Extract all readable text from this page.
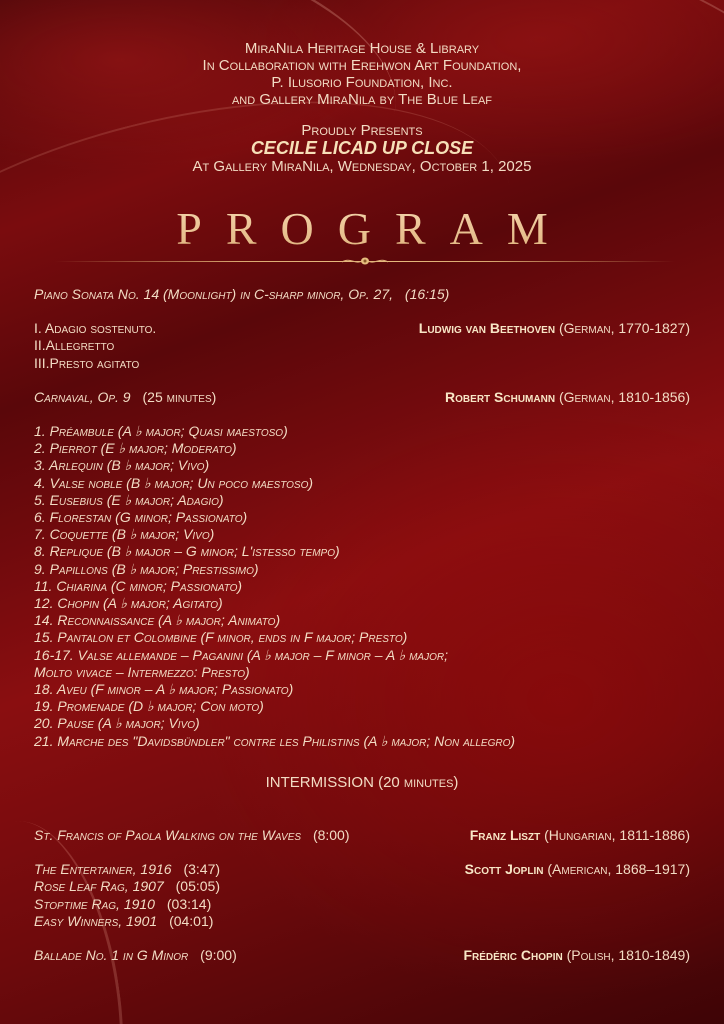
MiraNila Heritage House & Library
In Collaboration with Erehwon Art Foundation,
P. Ilusorio Foundation, Inc.
and Gallery MiraNila by The Blue Leaf
Proudly Presents
CECILE LICAD UP CLOSE
At Gallery MiraNila, Wednesday, October 1, 2025
PROGRAM
Piano Sonata No. 14 (Moonlight) in C-sharp minor, Op. 27, (16:15)
I. Adagio sostenuto.
II.Allegretto
III.Presto agitato
Ludwig van Beethoven (German, 1770-1827)
Carnaval, Op. 9 (25 minutes)	Robert Schumann (German, 1810-1856)
1. Préambule (A ♭ major; Quasi maestoso)
2. Pierrot (E ♭ major; Moderato)
3. Arlequin (B ♭ major; Vivo)
4. Valse noble (B ♭ major; Un poco maestoso)
5. Eusebius (E ♭ major; Adagio)
6. Florestan (G minor; Passionato)
7. Coquette (B ♭ major; Vivo)
8. Replique (B ♭ major – G minor; L'istesso tempo)
9. Papillons (B ♭ major; Prestissimo)
11. Chiarina (C minor; Passionato)
12. Chopin (A ♭ major; Agitato)
14. Reconnaissance (A ♭ major; Animato)
15. Pantalon et Colombine (F minor, ends in F major; Presto)
16-17. Valse allemande – Paganini (A ♭ major – F minor – A ♭ major;
Molto vivace – Intermezzo: Presto)
18. Aveu (F minor – A ♭ major; Passionato)
19. Promenade (D ♭ major; Con moto)
20. Pause (A ♭ major; Vivo)
21. Marche des "Davidsbündler" contre les Philistins (A ♭ major; Non allegro)
INTERMISSION (20 minutes)
St. Francis of Paola Walking on the Waves (8:00)	Franz Liszt (Hungarian, 1811-1886)
The Entertainer, 1916 (3:47)
Rose Leaf Rag, 1907 (05:05)
Stoptime Rag, 1910 (03:14)
Easy Winners, 1901 (04:01)
Scott Joplin (American, 1868–1917)
Ballade No. 1 in G Minor (9:00)	Frédéric Chopin (Polish, 1810-1849)
